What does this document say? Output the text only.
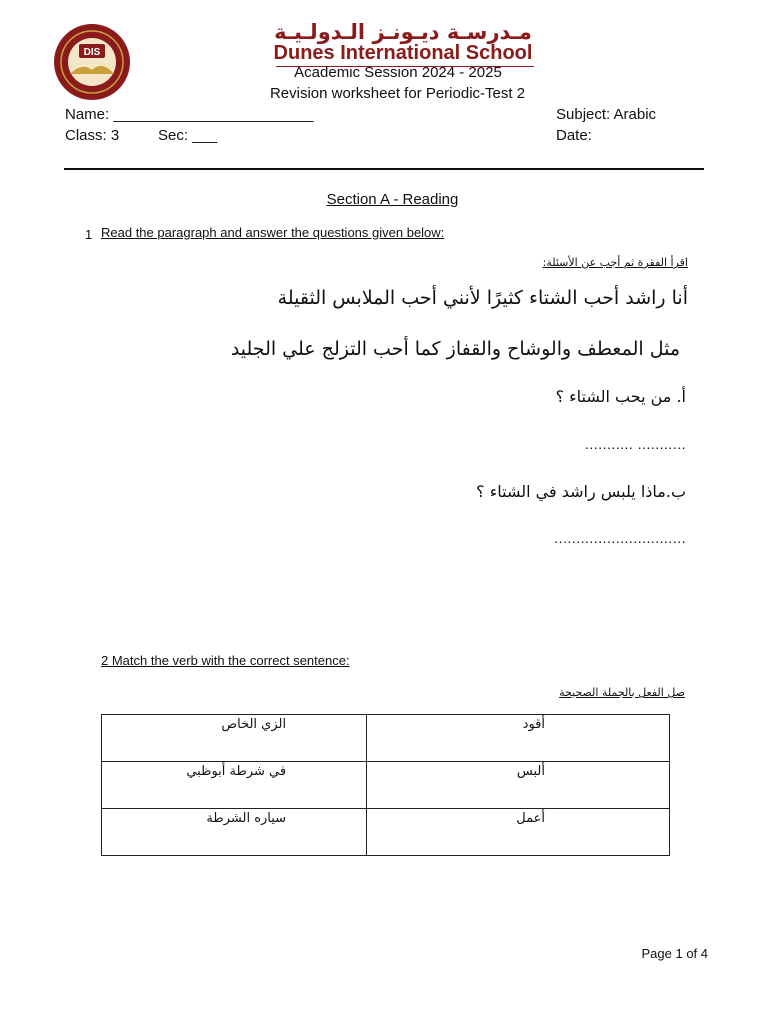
DIS
مـدرسـة ديـونـز الـدولـيـة
Dunes International School
Academic Session 2024 - 2025
Revision worksheet for Periodic-Test 2
Name: ________________________
Class: 3	Sec: ___
Subject: Arabic
Date:
Section A - Reading
1 Read the paragraph and answer the questions given below:
اقرأ الفقرة ثم أجب عن الأسئلة:
أنا راشد أحب الشتاء كثيرًا لأنني أحب الملابس الثقيلة
مثل المعطف والوشاح والقفاز كما أحب التزلج علي الجليد
أ. من يحب الشتاء ؟
........... ...........
ب.ماذا يلبس راشد في الشتاء ؟
..............................
2 Match the verb with the correct sentence:
صل الفعل بالجملة الصحيحة
الزي الخاص	أقود
في شرطة أبوظبي	ألبس
سياره الشرطة	أعمل
Page 1 of 4
